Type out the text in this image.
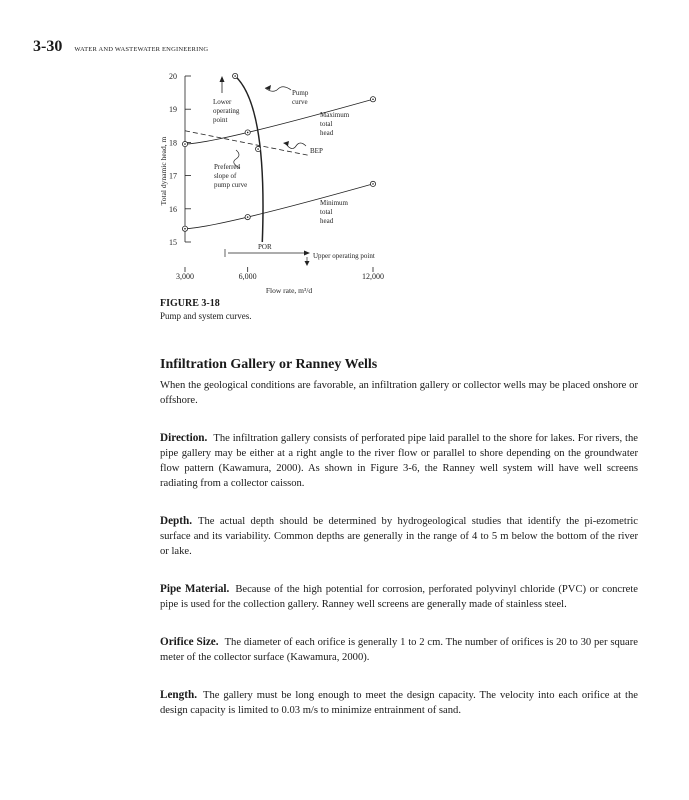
3-30 WATER AND WASTEWATER ENGINEERING
15
16
17
18
19
20
3,000	6,000	12,000
Flow rate, m³/d
Total dynamic head, m
Pump curve
Lower operating point
Maximum total head
BEP
Preferred slope of pump curve
Minimum total head
POR
Upper operating point
FIGURE 3-18
Pump and system curves.
Infiltration Gallery or Ranney Wells

When the geological conditions are favorable, an infiltration gallery or collector wells may be placed onshore or offshore.

Direction. The infiltration gallery consists of perforated pipe laid parallel to the shore for lakes. For rivers, the pipe gallery may be either at a right angle to the river flow or parallel to shore depending on the groundwater flow pattern (Kawamura, 2000). As shown in Figure 3-6, the Ranney well system will have well screens radiating from a collector caisson.

Depth. The actual depth should be determined by hydrogeological studies that identify the pi-ezometric surface and its variability. Common depths are generally in the range of 4 to 5 m below the bottom of the river or lake.

Pipe Material. Because of the high potential for corrosion, perforated polyvinyl chloride (PVC) or concrete pipe is used for the collection gallery. Ranney well screens are generally made of stainless steel.

Orifice Size. The diameter of each orifice is generally 1 to 2 cm. The number of orifices is 20 to 30 per square meter of the collector surface (Kawamura, 2000).

Length. The gallery must be long enough to meet the design capacity. The velocity into each orifice at the design capacity is limited to 0.03 m/s to minimize entrainment of sand.
